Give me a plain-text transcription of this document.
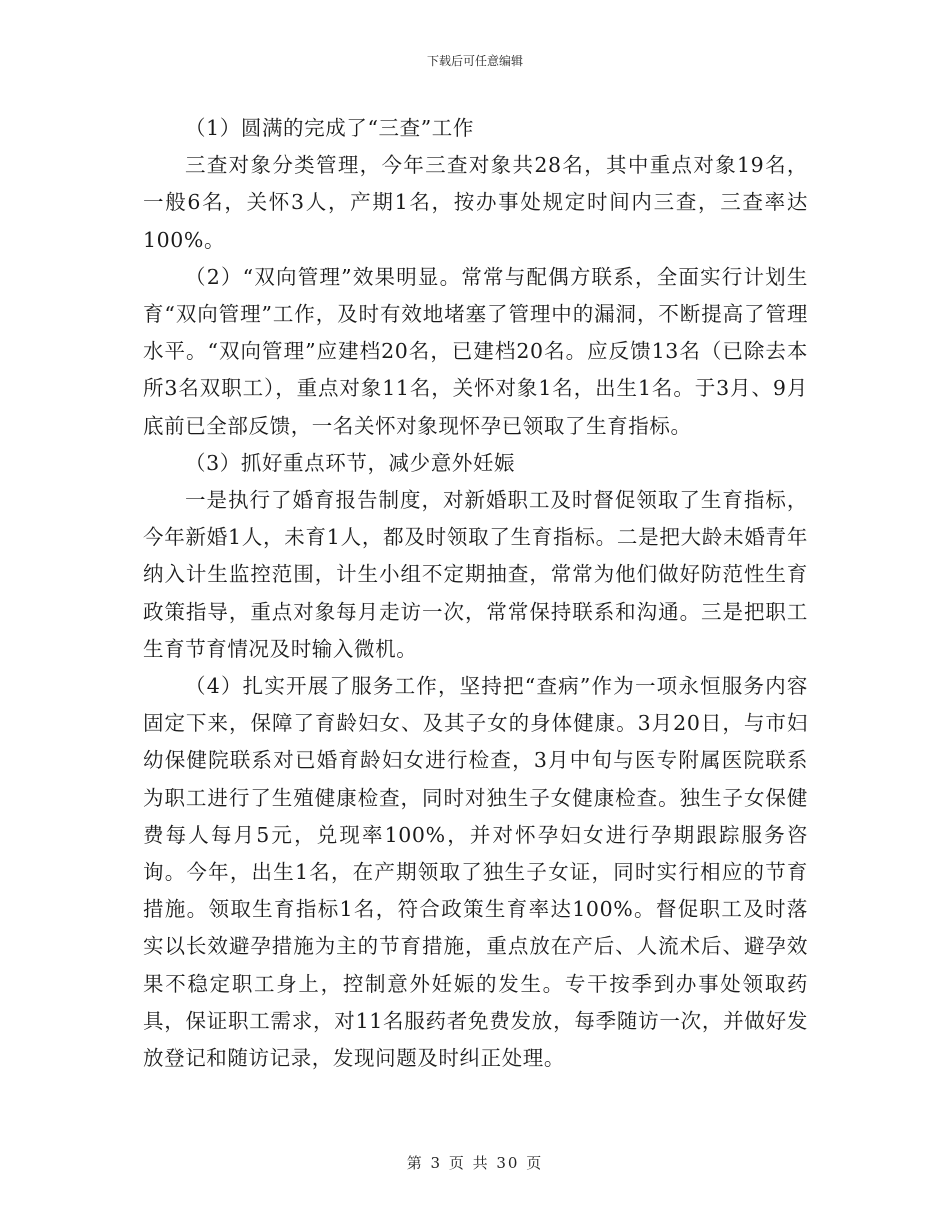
下载后可任意编辑

（1）圆满的完成了“三查”工作

三查对象分类管理，今年三查对象共28名，其中重点对象19名，一般6名，关怀3人，产期1名，按办事处规定时间内三查，三查率达100%。

（2）“双向管理”效果明显。常常与配偶方联系，全面实行计划生育“双向管理”工作，及时有效地堵塞了管理中的漏洞，不断提高了管理水平。“双向管理”应建档20名，已建档20名。应反馈13名（已除去本所3名双职工），重点对象11名，关怀对象1名，出生1名。于3月、9月底前已全部反馈，一名关怀对象现怀孕已领取了生育指标。

（3）抓好重点环节，减少意外妊娠

一是执行了婚育报告制度，对新婚职工及时督促领取了生育指标，今年新婚1人，未育1人，都及时领取了生育指标。二是把大龄未婚青年纳入计生监控范围，计生小组不定期抽查，常常为他们做好防范性生育政策指导，重点对象每月走访一次，常常保持联系和沟通。三是把职工生育节育情况及时输入微机。

（4）扎实开展了服务工作，坚持把“查病”作为一项永恒服务内容固定下来，保障了育龄妇女、及其子女的身体健康。3月20日，与市妇幼保健院联系对已婚育龄妇女进行检查，3月中旬与医专附属医院联系为职工进行了生殖健康检查，同时对独生子女健康检查。独生子女保健费每人每月5元，兑现率100%，并对怀孕妇女进行孕期跟踪服务咨询。今年，出生1名，在产期领取了独生子女证，同时实行相应的节育措施。领取生育指标1名，符合政策生育率达100%。督促职工及时落实以长效避孕措施为主的节育措施，重点放在产后、人流术后、避孕效果不稳定职工身上，控制意外妊娠的发生。专干按季到办事处领取药具，保证职工需求，对11名服药者免费发放，每季随访一次，并做好发放登记和随访记录，发现问题及时纠正处理。

第 3 页 共 30 页
